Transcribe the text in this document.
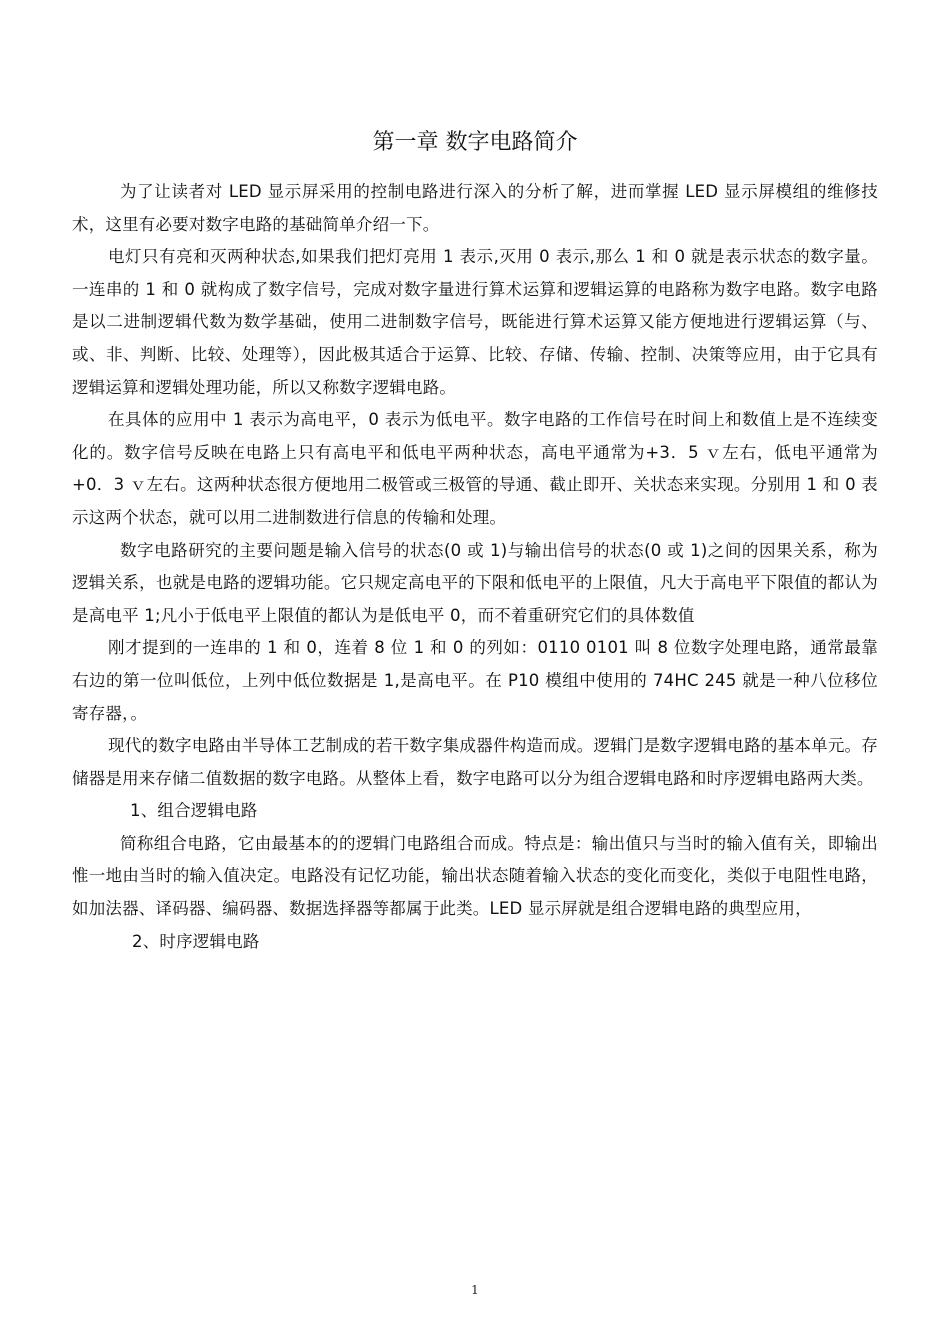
第一章 数字电路简介

为了让读者对 LED 显示屏采用的控制电路进行深入的分析了解，进而掌握 LED 显示屏模组的维修技术，这里有必要对数字电路的基础简单介绍一下。

电灯只有亮和灭两种状态,如果我们把灯亮用 1 表示,灭用 0 表示,那么 1 和 0 就是表示状态的数字量。一连串的 1 和 0 就构成了数字信号，完成对数字量进行算术运算和逻辑运算的电路称为数字电路。数字电路是以二进制逻辑代数为数学基础，使用二进制数字信号，既能进行算术运算又能方便地进行逻辑运算（与、或、非、判断、比较、处理等），因此极其适合于运算、比较、存储、传输、控制、决策等应用，由于它具有逻辑运算和逻辑处理功能，所以又称数字逻辑电路。

在具体的应用中 1 表示为高电平，0 表示为低电平。数字电路的工作信号在时间上和数值上是不连续变化的。数字信号反映在电路上只有高电平和低电平两种状态，高电平通常为+3．5 ｖ左右，低电平通常为+0．3 ｖ左右。这两种状态很方便地用二极管或三极管的导通、截止即开、关状态来实现。分别用 1 和 0 表示这两个状态，就可以用二进制数进行信息的传输和处理。

数字电路研究的主要问题是输入信号的状态(0 或 1)与输出信号的状态(0 或 1)之间的因果关系，称为逻辑关系，也就是电路的逻辑功能。它只规定高电平的下限和低电平的上限值，凡大于高电平下限值的都认为是高电平 1;凡小于低电平上限值的都认为是低电平 0，而不着重研究它们的具体数值

刚才提到的一连串的 1 和 0，连着 8 位 1 和 0 的列如：0110 0101 叫 8 位数字处理电路，通常最靠右边的第一位叫低位，上列中低位数据是 1,是高电平。在 P10 模组中使用的 74HC 245 就是一种八位移位寄存器，。

现代的数字电路由半导体工艺制成的若干数字集成器件构造而成。逻辑门是数字逻辑电路的基本单元。存储器是用来存储二值数据的数字电路。从整体上看，数字电路可以分为组合逻辑电路和时序逻辑电路两大类。

1、组合逻辑电路

简称组合电路，它由最基本的的逻辑门电路组合而成。特点是：输出值只与当时的输入值有关，即输出惟一地由当时的输入值决定。电路没有记忆功能，输出状态随着输入状态的变化而变化，类似于电阻性电路，如加法器、译码器、编码器、数据选择器等都属于此类。LED 显示屏就是组合逻辑电路的典型应用，

2、时序逻辑电路

1
